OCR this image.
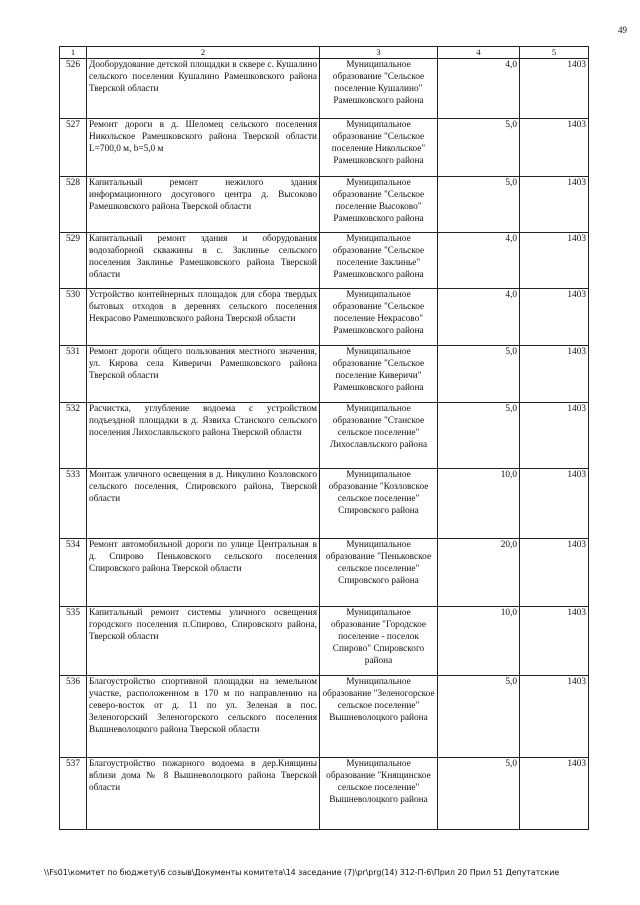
49
1	2	3	4	5
526	Дооборудование детской площадки в сквере с. Кушалино сельского поселения Кушалино Рамешковского района Тверской области	Муниципальное образование "Сельское поселение Кушалино" Рамешковского района	4,0	1403
527	Ремонт дороги в д. Шеломец сельского поселения Никольское Рамешковского района Тверской области L=700,0 м, b=5,0 м	Муниципальное образование "Сельское поселение Никольское" Рамешковского района	5,0	1403
528	Капитальный ремонт нежилого здания информационного досугового центра д. Высоково Рамешковского района Тверской области	Муниципальное образование "Сельское поселение Высоково" Рамешковского района	5,0	1403
529	Капитальный ремонт здания и оборудования водозаборной скважины в с. Заклинье сельского поселения Заклинье Рамешковского района Тверской области	Муниципальное образование "Сельское поселение Заклинье" Рамешковского района	4,0	1403
530	Устройство контейнерных площадок для сбора твердых бытовых отходов в деревнях сельского поселения Некрасово Рамешковского района Тверской области	Муниципальное образование "Сельское поселение Некрасово" Рамешковского района	4,0	1403
531	Ремонт дороги общего пользования местного значения, ул. Кирова села Киверичи Рамешковского района Тверской области	Муниципальное образование "Сельское поселение Киверичи" Рамешковского района	5,0	1403
532	Расчистка, углубление водоема с устройством подъездной площадки в д. Язвиха Станского сельского поселения Лихославльского района Тверской области	Муниципальное образование "Станское сельское поселение" Лихославльского района	5,0	1403
533	Монтаж уличного освещения в д. Никулино Козловского сельского поселения, Спировского района, Тверской области	Муниципальное образование "Козловское сельское поселение" Спировского района	10,0	1403
534	Ремонт автомобильной дороги по улице Центральная в д. Спирово Пеньковского сельского поселения Спировского района Тверской области	Муниципальное образование "Пеньковское сельское поселение" Спировского района	20,0	1403
535	Капитальный ремонт системы уличного освещения городского поселения п.Спирово, Спировского района, Тверской области	Муниципальное образование "Городское поселение - поселок Спирово" Спировского района	10,0	1403
536	Благоустройство спортивной площадки на земельном участке, расположенном в 170 м по направлению на северо-восток от д. 11 по ул. Зеленая в пос. Зеленогорский Зеленогорского сельского поселения Вышневолоцкого района Тверской области	Муниципальное образование "Зеленогорское сельское поселение" Вышневолоцкого района	5,0	1403
537	Благоустройство пожарного водоема в дер.Княщины вблизи дома № 8 Вышневолоцкого района Тверской области	Муниципальное образование "Княщинское сельское поселение" Вышневолоцкого района	5,0	1403
\\Fs01\комитет по бюджету\6 созыв\Документы комитета\14 заседание (7)\pr\prg(14) 312-П-6\Прил 20 Прил 51 Депутатские
